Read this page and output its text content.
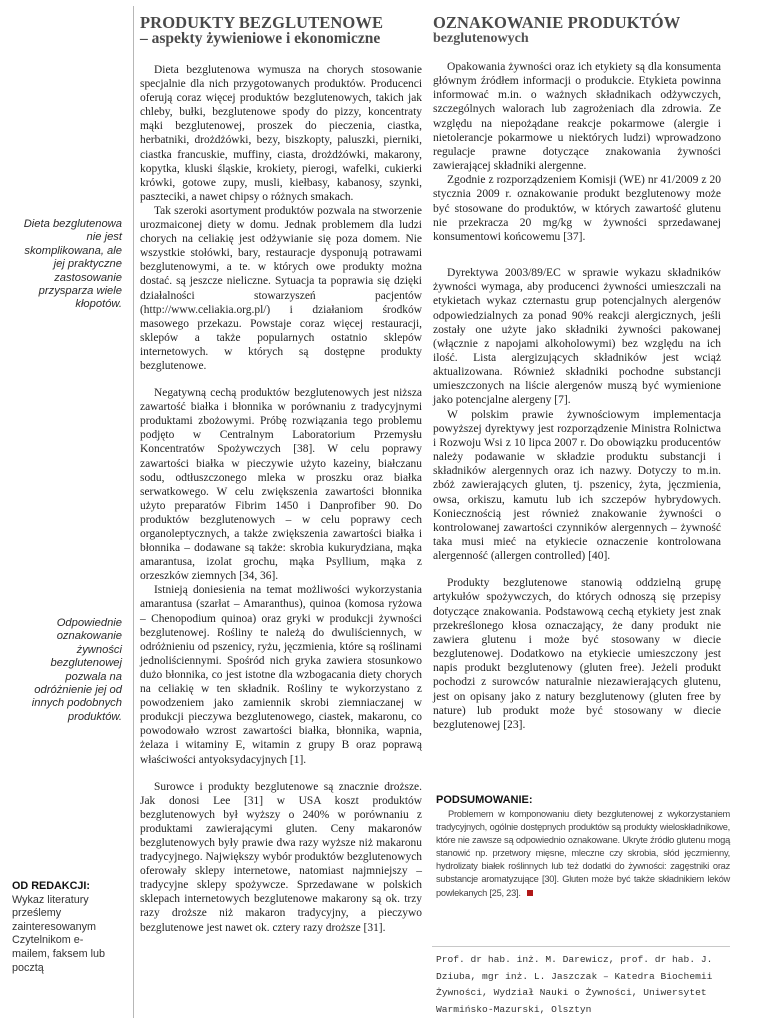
Dieta bezglutenowa nie jest skomplikowana, ale jej praktyczne zastosowanie przysparza wiele kłopotów.
Odpowiednie oznakowanie żywności bezglutenowej pozwala na odróżnienie jej od innych podobnych produktów.
OD REDAKCJI:
Wykaz literatury prześlemy zainteresowanym Czytelnikom e-mailem, faksem lub pocztą
PRODUKTY BEZGLUTENOWE
– aspekty żywieniowe i ekonomiczne

Dieta bezglutenowa wymusza na chorych stosowanie specjalnie dla nich przygotowanych produktów. Producenci oferują coraz więcej produktów bezglutenowych, takich jak chleby, bułki, bezglutenowe spody do pizzy, koncentraty mąki bezglutenowej, proszek do pieczenia, ciastka, herbatniki, drożdżówki, bezy, biszkopty, paluszki, pierniki, ciastka francuskie, muffiny, ciasta, drożdżówki, makarony, kopytka, kluski śląskie, krokiety, pierogi, wafelki, cukierki krówki, gotowe zupy, musli, kiełbasy, kabanosy, szynki, paszteciki, a nawet chipsy o różnych smakach.

Tak szeroki asortyment produktów pozwala na stworzenie urozmaiconej diety w domu. Jednak problemem dla ludzi chorych na celiakię jest odżywianie się poza domem. Nie wszystkie stołówki, bary, restauracje dysponują potrawami bezglutenowymi, a te. w których owe produkty można dostać. są jeszcze nieliczne. Sytuacja ta poprawia się dzięki działalności stowarzyszeń pacjentów (http://www.celiakia.org.pl/) i działaniom środków masowego przekazu. Powstaje coraz więcej restauracji, sklepów a także popularnych ostatnio sklepów internetowych. w których są dostępne produkty bezglutenowe.

Negatywną cechą produktów bezglutenowych jest niższa zawartość białka i błonnika w porównaniu z tradycyjnymi produktami zbożowymi. Próbę rozwiązania tego problemu podjęto w Centralnym Laboratorium Przemysłu Koncentratów Spożywczych [38]. W celu poprawy zawartości białka w pieczywie użyto kazeiny, białczanu sodu, odtłuszczonego mleka w proszku oraz białka serwatkowego. W celu zwiększenia zawartości błonnika użyto preparatów Fibrim 1450 i Danprofiber 90. Do produktów bezglutenowych – w celu poprawy cech organoleptycznych, a także zwiększenia zawartości białka i błonnika – dodawane są także: skrobia kukurydziana, mąka amarantusa, izolat grochu, mąka Psyllium, mąka z orzeszków ziemnych [34, 36].

Istnieją doniesienia na temat możliwości wykorzystania amarantusa (szarłat – Amaranthus), quinoa (komosa ryżowa – Chenopodium quinoa) oraz gryki w produkcji żywności bezglutenowej. Rośliny te należą do dwuliściennych, w odróżnieniu od pszenicy, ryżu, jęczmienia, które są roślinami jednoliściennymi. Spośród nich gryka zawiera stosunkowo dużo błonnika, co jest istotne dla wzbogacania diety chorych na celiakię w ten składnik. Rośliny te wykorzystano z powodzeniem jako zamiennik skrobi ziemniaczanej w produkcji pieczywa bezglutenowego, ciastek, makaronu, co powodowało wzrost zawartości białka, błonnika, wapnia, żelaza i witaminy E, witamin z grupy B oraz poprawą właściwości antyoksydacyjnych [1].

Surowce i produkty bezglutenowe są znacznie droższe. Jak donosi Lee [31] w USA koszt produktów bezglutenowych był wyższy o 240% w porównaniu z produktami zawierającymi gluten. Ceny makaronów bezglutenowych były prawie dwa razy wyższe niż makaronu tradycyjnego. Największy wybór produktów bezglutenowych oferowały sklepy internetowe, natomiast najmniejszy – tradycyjne sklepy spożywcze. Sprzedawane w polskich sklepach internetowych bezglutenowe makarony są ok. trzy razy droższe niż makaron tradycyjny, a pieczywo bezglutenowe jest nawet ok. cztery razy droższe [31].

OZNAKOWANIE PRODUKTÓW
bezglutenowych

Opakowania żywności oraz ich etykiety są dla konsumenta głównym źródłem informacji o produkcie. Etykieta powinna informować m.in. o ważnych składnikach odżywczych, szczególnych walorach lub zagrożeniach dla zdrowia. Ze względu na niepożądane reakcje pokarmowe (alergie i nietolerancje pokarmowe u niektórych ludzi) wprowadzono regulacje prawne dotyczące znakowania żywności zawierającej składniki alergenne.

Zgodnie z rozporządzeniem Komisji (WE) nr 41/2009 z 20 stycznia 2009 r. oznakowanie produkt bezglutenowy może być stosowane do produktów, w których zawartość glutenu nie przekracza 20 mg/kg w żywności sprzedawanej konsumentowi końcowemu [37].

Dyrektywa 2003/89/EC w sprawie wykazu składników żywności wymaga, aby producenci żywności umieszczali na etykietach wykaz czternastu grup potencjalnych alergenów odpowiedzialnych za ponad 90% reakcji alergicznych, jeśli zostały one użyte jako składniki żywności pakowanej (włącznie z napojami alkoholowymi) bez względu na ich ilość. Lista alergizujących składników jest wciąż aktualizowana. Również składniki pochodne substancji umieszczonych na liście alergenów muszą być wymienione jako potencjalne alergeny [7].

W polskim prawie żywnościowym implementacja powyższej dyrektywy jest rozporządzenie Ministra Rolnictwa i Rozwoju Wsi z 10 lipca 2007 r. Do obowiązku producentów należy podawanie w składzie produktu substancji i składników alergennych oraz ich nazwy. Dotyczy to m.in. zbóż zawierających gluten, tj. pszenicy, żyta, jęczmienia, owsa, orkiszu, kamutu lub ich szczepów hybrydowych. Koniecznością jest również znakowanie żywności o kontrolowanej zawartości czynników alergennych – żywność taka musi mieć na etykiecie oznaczenie kontrolowana alergenność (allergen controlled) [40].

Produkty bezglutenowe stanowią oddzielną grupę artykułów spożywczych, do których odnoszą się przepisy dotyczące znakowania. Podstawową cechą etykiety jest znak przekreślonego kłosa oznaczający, że dany produkt nie zawiera glutenu i może być stosowany w diecie bezglutenowej. Dodatkowo na etykiecie umieszczony jest napis produkt bezglutenowy (gluten free). Jeżeli produkt pochodzi z surowców naturalnie niezawierających glutenu, jest on opisany jako z natury bezglutenowy (gluten free by nature) lub produkt może być stosowany w diecie bezglutenowej [23].

PODSUMOWANIE:
Problemem w komponowaniu diety bezglutenowej z wykorzystaniem tradycyjnych, ogólnie dostępnych produktów są produkty wieloskładnikowe, które nie zawsze są odpowiednio oznakowane. Ukryte źródło glutenu mogą stanowić np. przetwory mięsne, mleczne czy skrobia, słód jęczmienny, hydrolizaty białek roślinnych lub też dodatki do żywności: zagęstniki oraz substancje aromatyzujące [30]. Gluten może być także składnikiem leków powlekanych [25, 23].
Prof. dr hab. inż. M. Darewicz, prof. dr hab. J. Dziuba, mgr inż. L. Jaszczak – Katedra Biochemii Żywności, Wydział Nauki o Żywności, Uniwersytet Warmińsko-Mazurski, Olsztyn
